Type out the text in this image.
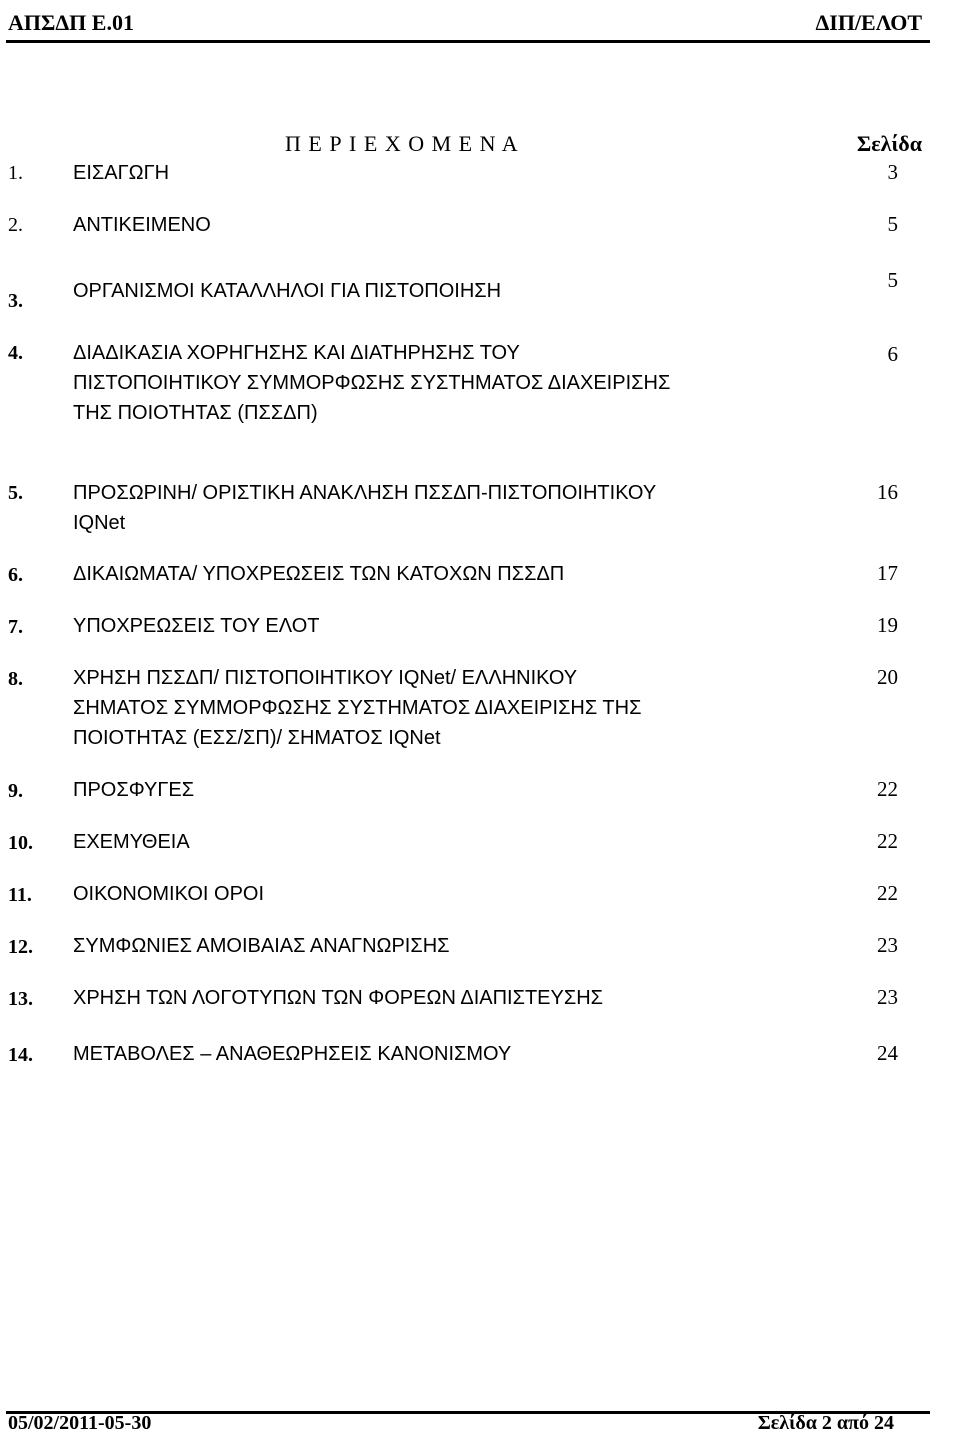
ΑΠΣΔΠ Ε.01	ΔΙΠ/ΕΛΟΤ
Π Ε Ρ Ι Ε Χ Ο Μ Ε Ν Α	Σελίδα
1.	ΕΙΣΑΓΩΓΗ	3
2.	ΑΝΤΙΚΕΙΜΕΝΟ	5
3.	ΟΡΓΑΝΙΣΜΟΙ ΚΑΤΑΛΛΗΛΟΙ ΓΙΑ ΠΙΣΤΟΠΟΙΗΣΗ	5
4.	ΔΙΑΔΙΚΑΣΙΑ ΧΟΡΗΓΗΣΗΣ ΚΑΙ ΔΙΑΤΗΡΗΣΗΣ ΤΟΥ
ΠΙΣΤΟΠΟΙΗΤΙΚΟΥ ΣΥΜΜΟΡΦΩΣΗΣ ΣΥΣΤΗΜΑΤΟΣ ΔΙΑΧΕΙΡΙΣΗΣ
ΤΗΣ ΠΟΙΟΤΗΤΑΣ (ΠΣΣΔΠ)
6
5.	ΠΡΟΣΩΡΙΝΗ/ ΟΡΙΣΤΙΚΗ ΑΝΑΚΛΗΣΗ ΠΣΣΔΠ-ΠΙΣΤΟΠΟΙΗΤΙΚΟΥ
IQNet
16
6.	ΔΙΚΑΙΩΜΑΤΑ/ ΥΠΟΧΡΕΩΣΕΙΣ ΤΩΝ ΚΑΤΟΧΩΝ ΠΣΣΔΠ	17
7.	ΥΠΟΧΡΕΩΣΕΙΣ ΤΟΥ ΕΛΟΤ	19
8.	ΧΡΗΣΗ ΠΣΣΔΠ/ ΠΙΣΤΟΠΟΙΗΤΙΚΟΥ IQNet/ ΕΛΛΗΝΙΚΟΥ
ΣΗΜΑΤΟΣ ΣΥΜΜΟΡΦΩΣΗΣ ΣΥΣΤΗΜΑΤΟΣ ΔΙΑΧΕΙΡΙΣΗΣ ΤΗΣ
ΠΟΙΟΤΗΤΑΣ (ΕΣΣ/ΣΠ)/ ΣΗΜΑΤΟΣ IQNet
20
9.	ΠΡΟΣΦΥΓΕΣ	22
10. ΕΧΕΜΥΘΕΙΑ	22
11. ΟΙΚΟΝΟΜΙΚΟΙ ΟΡΟΙ	22
12. ΣΥΜΦΩΝΙΕΣ ΑΜΟΙΒΑΙΑΣ ΑΝΑΓΝΩΡΙΣΗΣ	23
13. ΧΡΗΣΗ ΤΩΝ ΛΟΓΟΤΥΠΩΝ ΤΩΝ ΦΟΡΕΩΝ ΔΙΑΠΙΣΤΕΥΣΗΣ	23
14. ΜΕΤΑΒΟΛΕΣ – ΑΝΑΘΕΩΡΗΣΕΙΣ ΚΑΝΟΝΙΣΜΟΥ	24
05/02/2011-05-30	Σελίδα 2 από 24
